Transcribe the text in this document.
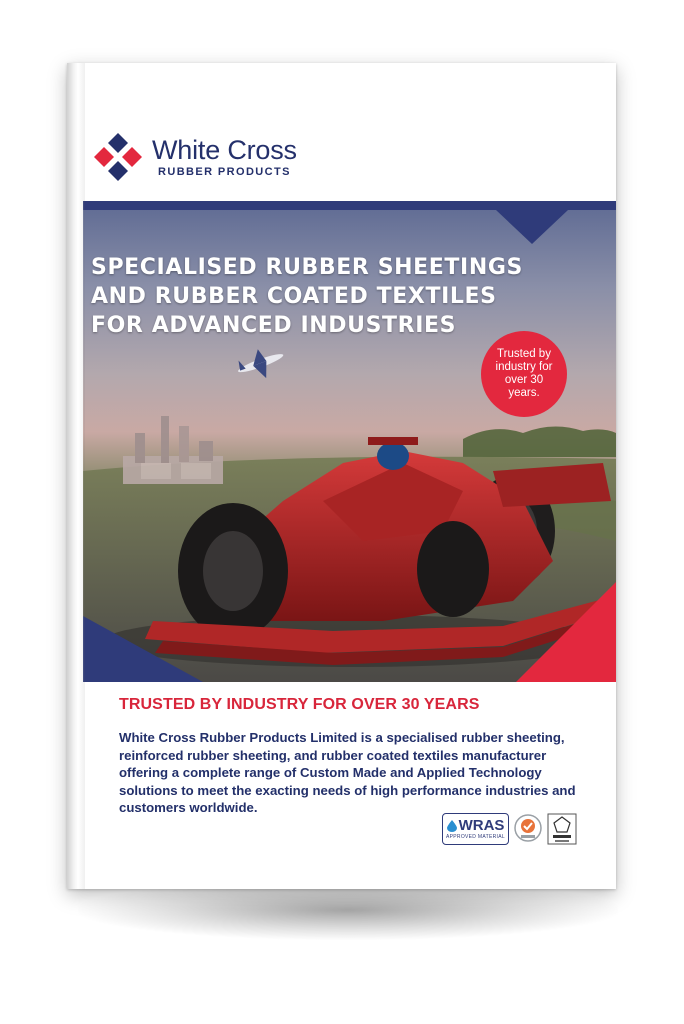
White Cross
RUBBER PRODUCTS
SPECIALISED RUBBER SHEETINGS AND RUBBER COATED TEXTILES FOR ADVANCED INDUSTRIES
Trusted by industry for over 30 years.
TRUSTED BY INDUSTRY FOR OVER 30 YEARS
White Cross Rubber Products Limited is a specialised rubber sheeting, reinforced rubber sheeting, and rubber coated textiles manufacturer offering a complete range of Custom Made and Applied Technology solutions to meet the exacting needs of high performance industries and customers worldwide.
WRAS
APPROVED MATERIAL
